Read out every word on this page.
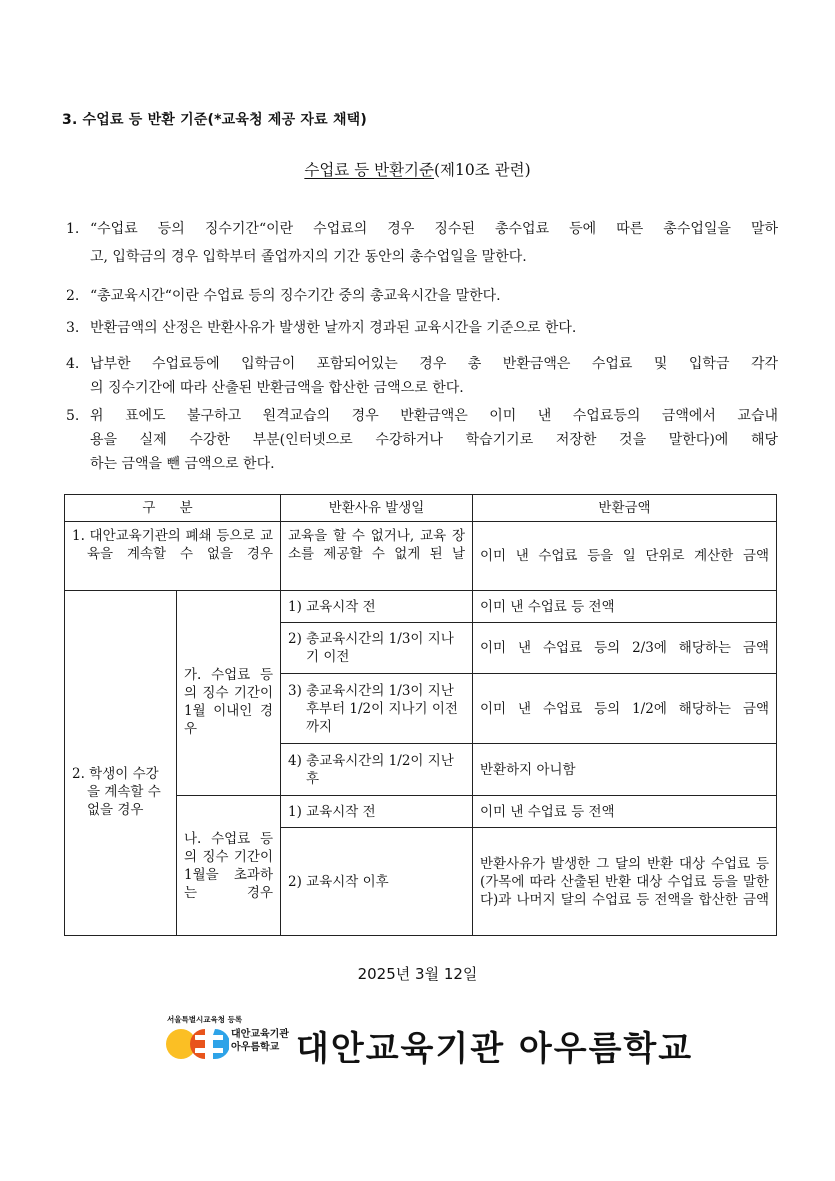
3. 수업료 등 반환 기준(*교육청 제공 자료 채택)
수업료 등 반환기준(제10조 관련)
1. “수업료 등의 징수기간“이란 수업료의 경우 징수된 총수업료 등에 따른 총수업일을 말하
고, 입학금의 경우 입학부터 졸업까지의 기간 동안의 총수업일을 말한다.
2. “총교육시간“이란 수업료 등의 징수기간 중의 총교육시간을 말한다.
3. 반환금액의 산정은 반환사유가 발생한 날까지 경과된 교육시간을 기준으로 한다.
4. 납부한 수업료등에 입학금이 포함되어있는 경우 총 반환금액은 수업료 및 입학금 각각
의 징수기간에 따라 산출된 반환금액을 합산한 금액으로 한다.
5. 위 표에도 불구하고 원격교습의 경우 반환금액은 이미 낸 수업료등의 금액에서 교습내
용을 실제 수강한 부분(인터넷으로 수강하거나 학습기기로 저장한 것을 말한다)에 해당
하는 금액을 뺀 금액으로 한다.
구 분		반환사유 발생일	반환금액
1. 대안교육기관의 폐쇄 등으로 교육을 계속할 수 없을 경우		교육을 할 수 없거나, 교육 장소를 제공할 수 없게 된 날	이미 낸 수업료 등을 일 단위로 계산한 금액
2. 학생이 수강을 계속할 수 없을 경우	가. 수업료 등의 징수 기간이 1월 이내인 경우	1) 교육시작 전	이미 낸 수업료 등 전액
		2) 총교육시간의 1/3이 지나기 이전	이미 낸 수업료 등의 2/3에 해당하는 금액
		3) 총교육시간의 1/3이 지난 후부터 1/2이 지나기 이전까지	이미 낸 수업료 등의 1/2에 해당하는 금액
		4) 총교육시간의 1/2이 지난 후	반환하지 아니함
	나. 수업료 등의 징수 기간이 1월을 초과하는 경우	1) 교육시작 전	이미 낸 수업료 등 전액
		2) 교육시작 이후	반환사유가 발생한 그 달의 반환 대상 수업료 등(가목에 따라 산출된 반환 대상 수업료 등을 말한다)과 나머지 달의 수업료 등 전액을 합산한 금액
2025년 3월 12일
서울특별시교육청 등록
대안교육기관
아우름학교 대안교육기관 아우름학교
